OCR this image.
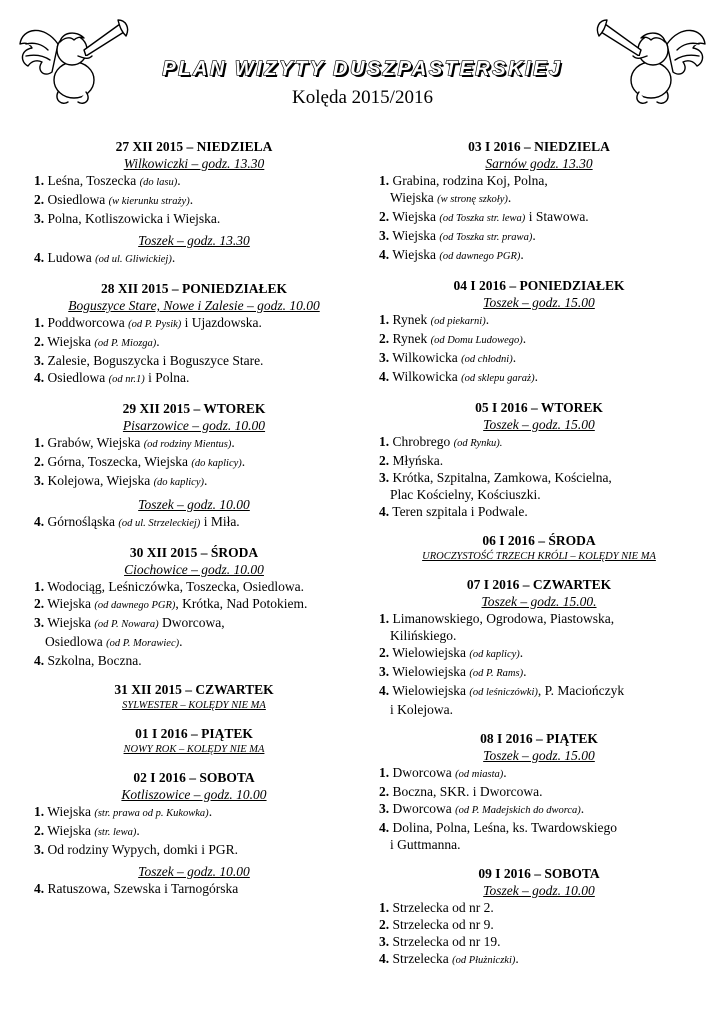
PLAN WIZYTY DUSZPASTERSKIEJ
Kolęda 2015/2016
27 XII 2015 – NIEDZIELA
Wilkowiczki – godz. 13.30
1. Leśna, Toszecka (do lasu).
2. Osiedlowa (w kierunku straży).
3. Polna, Kotliszowicka i Wiejska.
Toszek – godz. 13.30
4. Ludowa (od ul. Gliwickiej).
28 XII 2015 – PONIEDZIAŁEK
Boguszyce Stare, Nowe i Zalesie – godz. 10.00
1. Poddworcowa (od P. Pysik) i Ujazdowska.
2. Wiejska (od P. Miozga).
3. Zalesie, Boguszycka i Boguszyce Stare.
4. Osiedlowa (od nr.1) i Polna.
29 XII 2015 – WTOREK
Pisarzowice – godz. 10.00
1. Grabów, Wiejska (od rodziny Mientus).
2. Górna, Toszecka, Wiejska (do kaplicy).
3. Kolejowa, Wiejska (do kaplicy).
Toszek – godz. 10.00
4. Górnośląska (od ul. Strzeleckiej) i Miła.
30 XII 2015 – ŚRODA
Ciochowice – godz. 10.00
1. Wodociąg, Leśniczówka, Toszecka, Osiedlowa.
2. Wiejska (od dawnego PGR), Krótka, Nad Potokiem.
3. Wiejska (od P. Nowara) Dworcowa,
Osiedlowa (od P. Morawiec).
4. Szkolna, Boczna.
31 XII 2015 – CZWARTEK
SYLWESTER – KOLĘDY NIE MA
01 I 2016 – PIĄTEK
NOWY ROK – KOLĘDY NIE MA
02 I 2016 – SOBOTA
Kotliszowice – godz. 10.00
1. Wiejska (str. prawa od p. Kukowka).
2. Wiejska (str. lewa).
3. Od rodziny Wypych, domki i PGR.
Toszek – godz. 10.00
4. Ratuszowa, Szewska i Tarnogórska
03 I 2016 – NIEDZIELA
Sarnów godz. 13.30
1. Grabina, rodzina Koj, Polna,
Wiejska (w stronę szkoły).
2. Wiejska (od Toszka str. lewa) i Stawowa.
3. Wiejska (od Toszka str. prawa).
4. Wiejska (od dawnego PGR).
04 I 2016 – PONIEDZIAŁEK
Toszek – godz. 15.00
1. Rynek (od piekarni).
2. Rynek (od Domu Ludowego).
3. Wilkowicka (od chłodni).
4. Wilkowicka (od sklepu garaż).
05 I 2016 – WTOREK
Toszek – godz. 15.00
1. Chrobrego (od Rynku).
2. Młyńska.
3. Krótka, Szpitalna, Zamkowa, Kościelna,
Plac Kościelny, Kościuszki.
4. Teren szpitala i Podwale.
06 I 2016 – ŚRODA
UROCZYSTOŚĆ TRZECH KRÓLI – KOLĘDY NIE MA
07 I 2016 – CZWARTEK
Toszek – godz. 15.00.
1. Limanowskiego, Ogrodowa, Piastowska,
Kilińskiego.
2. Wielowiejska (od kaplicy).
3. Wielowiejska (od P. Rams).
4. Wielowiejska (od leśniczówki), P. Maciończyk
i Kolejowa.
08 I 2016 – PIĄTEK
Toszek – godz. 15.00
1. Dworcowa (od miasta).
2. Boczna, SKR. i Dworcowa.
3. Dworcowa (od P. Madejskich do dworca).
4. Dolina, Polna, Leśna, ks. Twardowskiego
i Guttmanna.
09 I 2016 – SOBOTA
Toszek – godz. 10.00
1. Strzelecka od nr 2.
2. Strzelecka od nr 9.
3. Strzelecka od nr 19.
4. Strzelecka (od Płużniczki).
